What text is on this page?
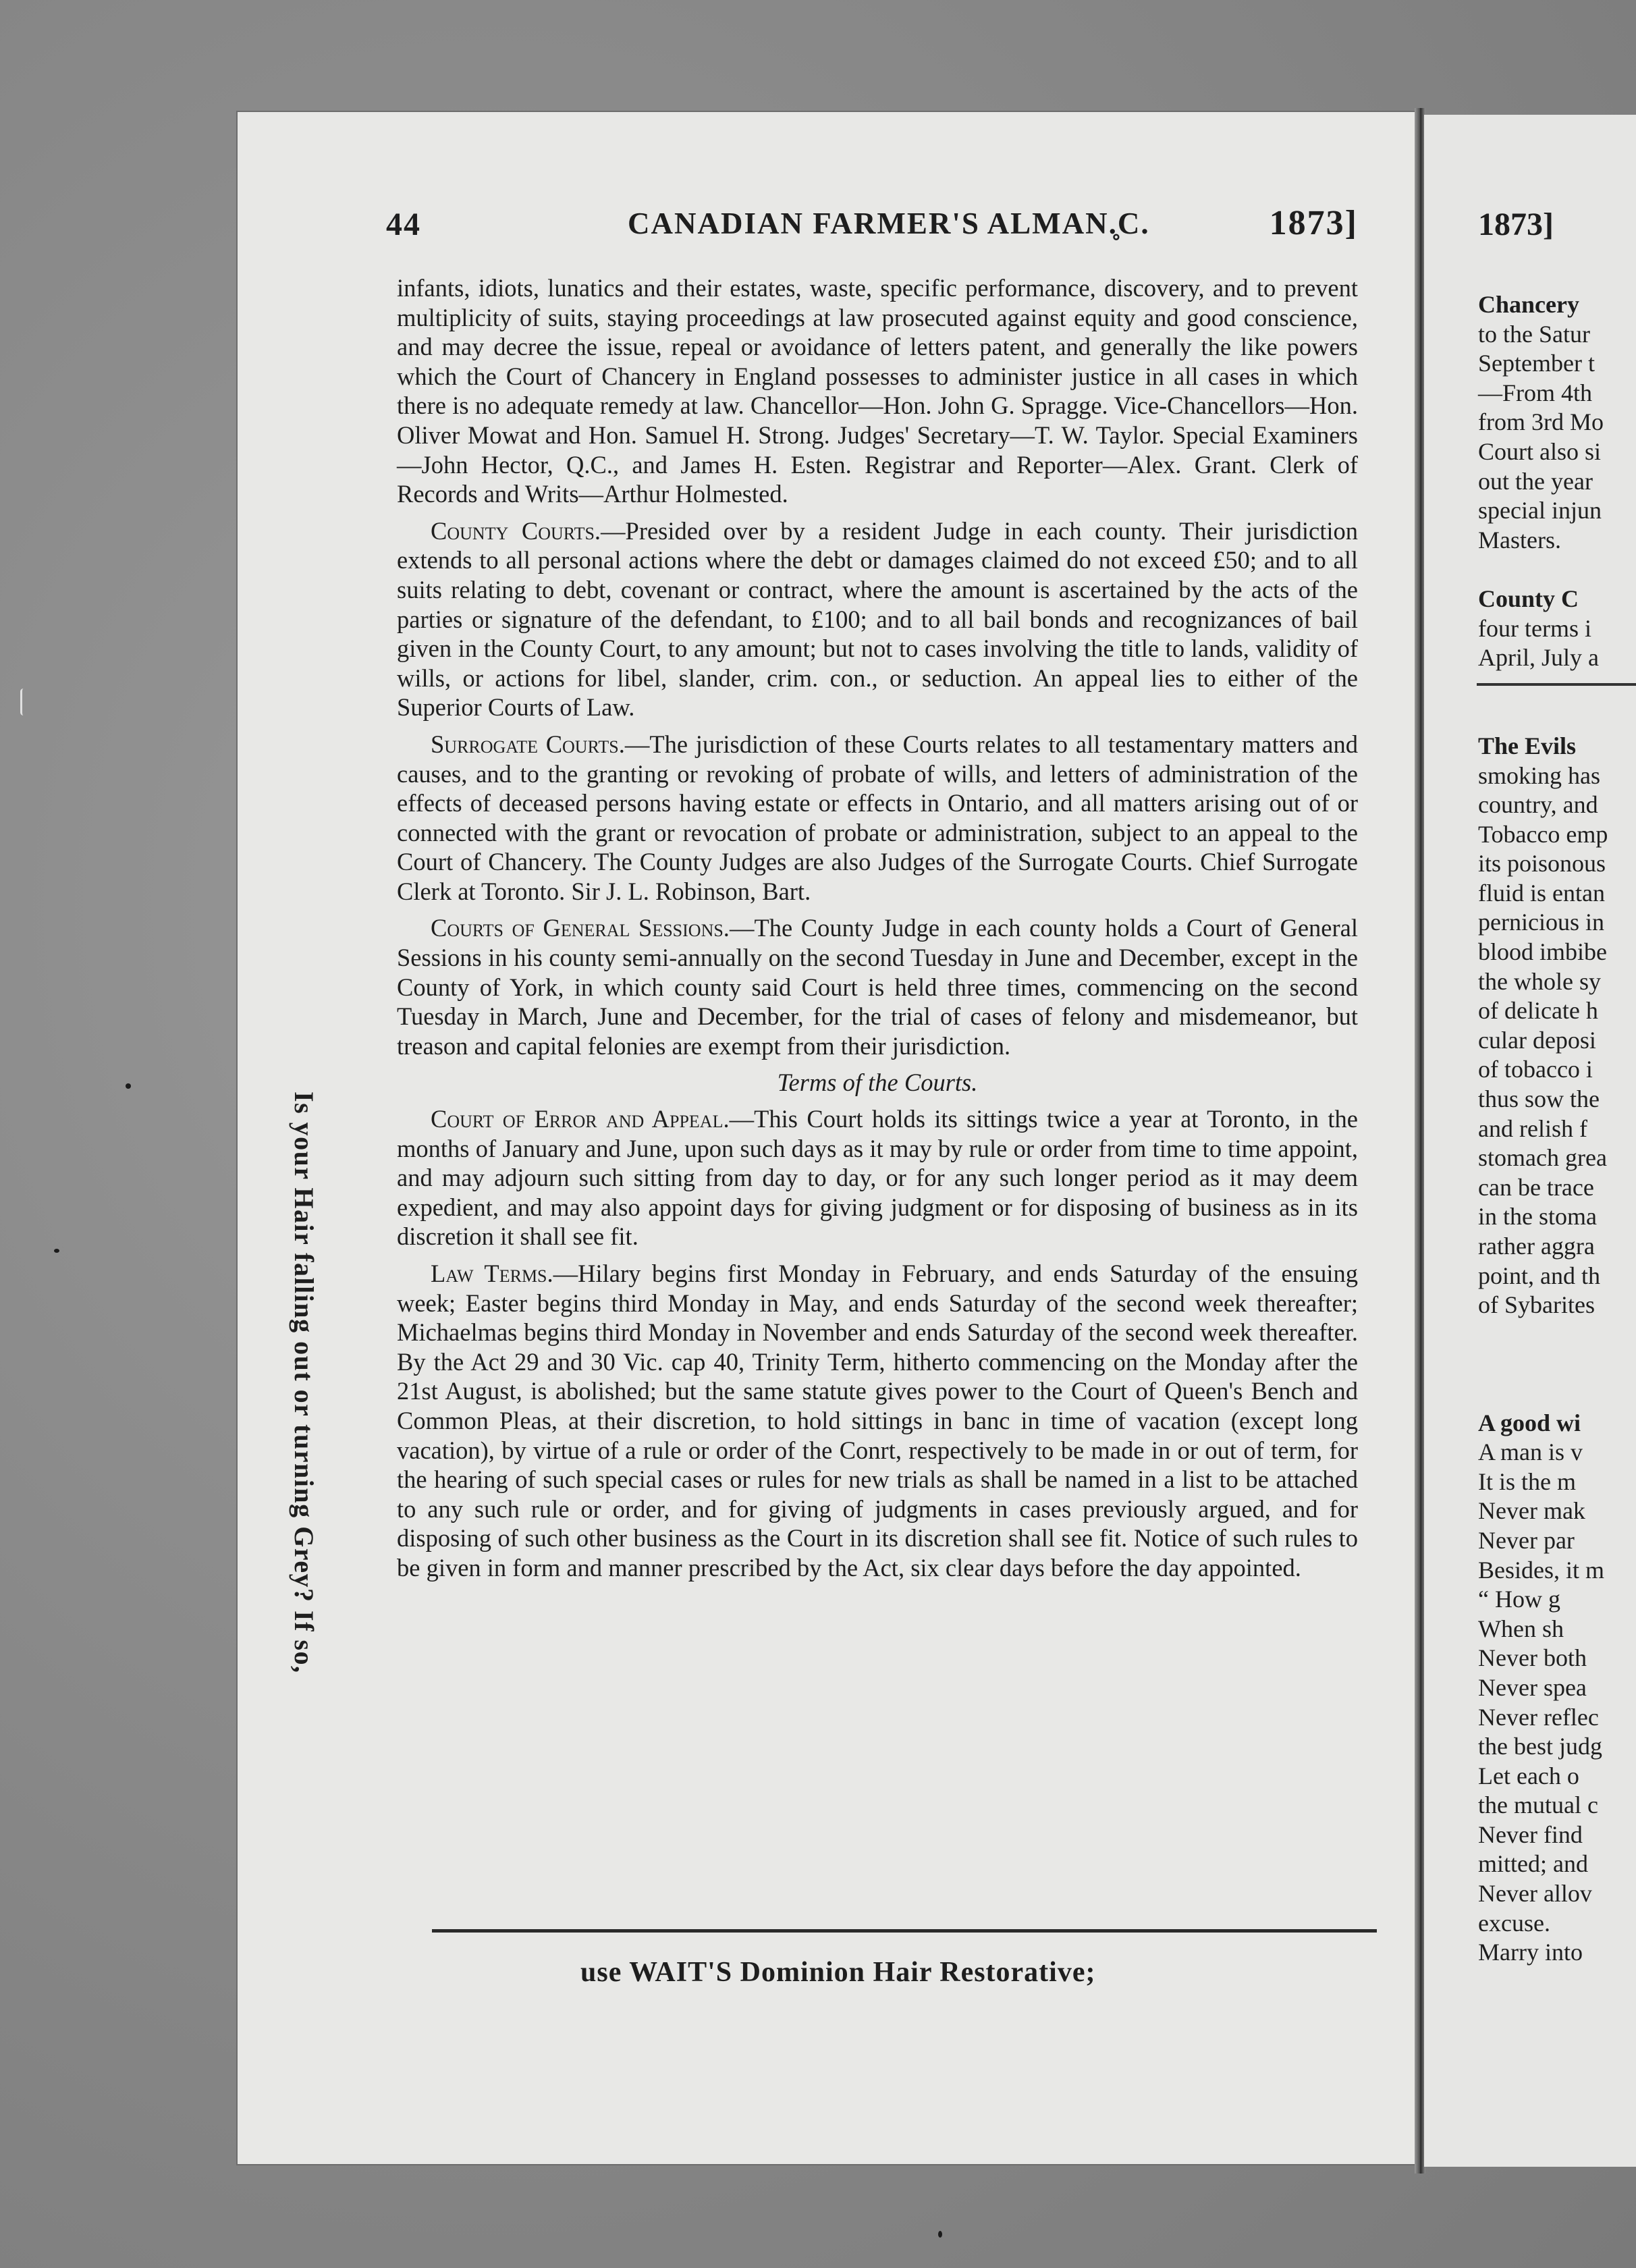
44	CANADIAN FARMER'S ALMAN.̥C.	1873]
Is your Hair falling out or turning Grey? If so,

infants, idiots, lunatics and their estates, waste, specific performance, discovery, and to prevent multiplicity of suits, staying proceedings at law prosecuted against equity and good conscience, and may decree the issue, repeal or avoidance of letters patent, and generally the like powers which the Court of Chancery in England possesses to administer justice in all cases in which there is no adequate remedy at law. Chancellor—Hon. John G. Spragge. Vice-Chancellors—Hon. Oliver Mowat and Hon. Samuel H. Strong. Judges' Secretary—T. W. Taylor. Special Examiners—John Hector, Q.C., and James H. Esten. Registrar and Reporter—Alex. Grant. Clerk of Records and Writs—Arthur Holmested.

County Courts.—Presided over by a resident Judge in each county. Their jurisdiction extends to all personal actions where the debt or damages claimed do not exceed £50; and to all suits relating to debt, covenant or contract, where the amount is ascertained by the acts of the parties or signature of the defendant, to £100; and to all bail bonds and recognizances of bail given in the County Court, to any amount; but not to cases involving the title to lands, validity of wills, or actions for libel, slander, crim. con., or seduction. An appeal lies to either of the Superior Courts of Law.

Surrogate Courts.—The jurisdiction of these Courts relates to all testamentary matters and causes, and to the granting or revoking of probate of wills, and letters of administration of the effects of deceased persons having estate or effects in Ontario, and all matters arising out of or connected with the grant or revocation of probate or administration, subject to an appeal to the Court of Chancery. The County Judges are also Judges of the Surrogate Courts. Chief Surrogate Clerk at Toronto. Sir J. L. Robinson, Bart.

Courts of General Sessions.—The County Judge in each county holds a Court of General Sessions in his county semi-annually on the second Tuesday in June and December, except in the County of York, in which county said Court is held three times, commencing on the second Tuesday in March, June and December, for the trial of cases of felony and misdemeanor, but treason and capital felonies are exempt from their jurisdiction.

Terms of the Courts.

Court of Error and Appeal.—This Court holds its sittings twice a year at Toronto, in the months of January and June, upon such days as it may by rule or order from time to time appoint, and may adjourn such sitting from day to day, or for any such longer period as it may deem expedient, and may also appoint days for giving judgment or for disposing of business as in its discretion it shall see fit.

Law Terms.—Hilary begins first Monday in February, and ends Saturday of the ensuing week; Easter begins third Monday in May, and ends Saturday of the second week thereafter; Michaelmas begins third Monday in November and ends Saturday of the second week thereafter. By the Act 29 and 30 Vic. cap 40, Trinity Term, hitherto commencing on the Monday after the 21st August, is abolished; but the same statute gives power to the Court of Queen's Bench and Common Pleas, at their discretion, to hold sittings in banc in time of vacation (except long vacation), by virtue of a rule or order of the Conrt, respectively to be made in or out of term, for the hearing of such special cases or rules for new trials as shall be named in a list to be attached to any such rule or order, and for giving of judgments in cases previously argued, and for disposing of such other business as the Court in its discretion shall see fit. Notice of such rules to be given in form and manner prescribed by the Act, six clear days before the day appointed.

use WAIT'S Dominion Hair Restorative;
1873]
Chancery
to the Satur
September t
—From 4th
from 3rd Mo
Court also si
out the year
special injun
Masters.
County C
four terms i
April, July a
The Evils
smoking has
country, and
Tobacco emp
its poisonous
fluid is entan
pernicious in
blood imbibe
the whole sy
of delicate h
cular deposi
of tobacco i
thus sow the
and relish f
stomach grea
can be trace
in the stoma
rather aggra
point, and th
of Sybarites
A good wi
A man is v
It is the m
Never mak
Never par
Besides, it m
“ How g
When sh
Never both
Never spea
Never reflec
the best judg
Let each o
the mutual c
Never find
mitted; and
Never allov
excuse.
Marry into
